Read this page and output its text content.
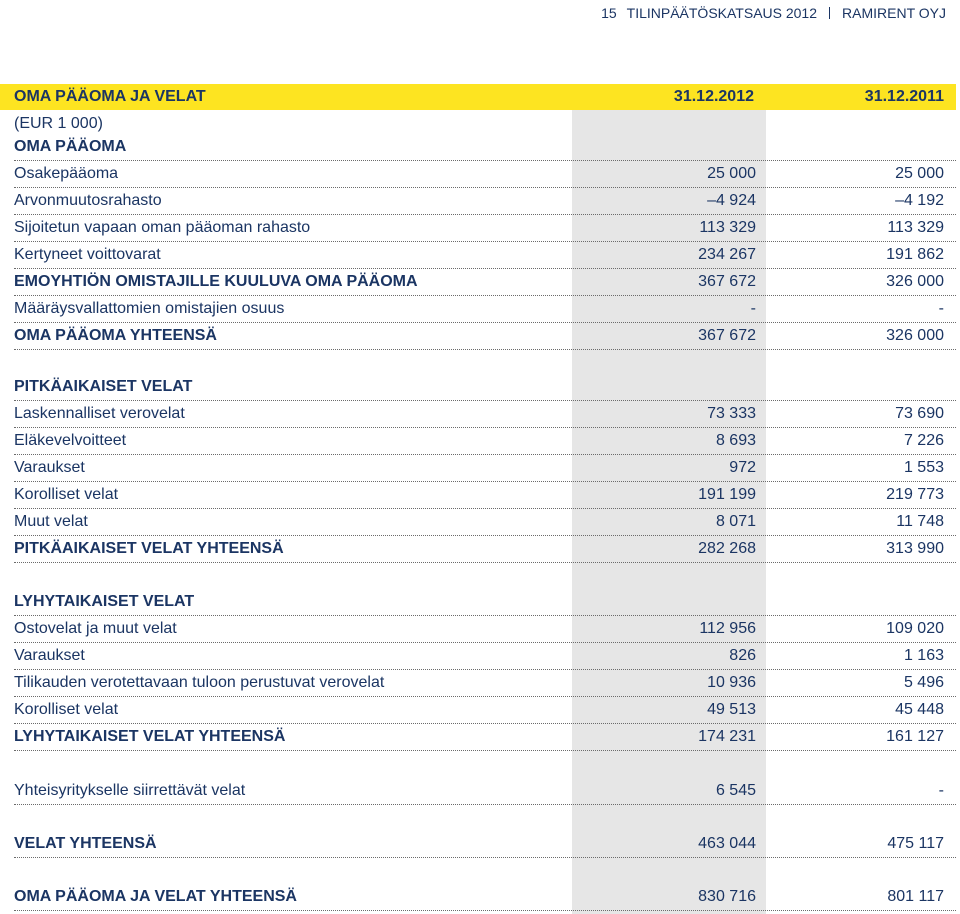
15 TILINPÄÄTÖSKATSAUS 2012 RAMIRENT OYJ
OMA PÄÄOMA JA VELAT	31.12.2012	31.12.2011
(EUR 1 000)
OMA PÄÄOMA
Osakepääoma	25 000	25 000
Arvonmuutosrahasto	–4 924	–4 192
Sijoitetun vapaan oman pääoman rahasto	113 329	113 329
Kertyneet voittovarat	234 267	191 862
EMOYHTIÖN OMISTAJILLE KUULUVA OMA PÄÄOMA	367 672	326 000
Määräysvallattomien omistajien osuus	-	-
OMA PÄÄOMA YHTEENSÄ	367 672	326 000
PITKÄAIKAISET VELAT
Laskennalliset verovelat	73 333	73 690
Eläkevelvoitteet	8 693	7 226
Varaukset	972	1 553
Korolliset velat	191 199	219 773
Muut velat	8 071	11 748
PITKÄAIKAISET VELAT YHTEENSÄ	282 268	313 990
LYHYTAIKAISET VELAT
Ostovelat ja muut velat	112 956	109 020
Varaukset	826	1 163
Tilikauden verotettavaan tuloon perustuvat verovelat	10 936	5 496
Korolliset velat	49 513	45 448
LYHYTAIKAISET VELAT YHTEENSÄ	174 231	161 127
Yhteisyritykselle siirrettävät velat	6 545	-
VELAT YHTEENSÄ	463 044	475 117
OMA PÄÄOMA JA VELAT YHTEENSÄ	830 716	801 117
